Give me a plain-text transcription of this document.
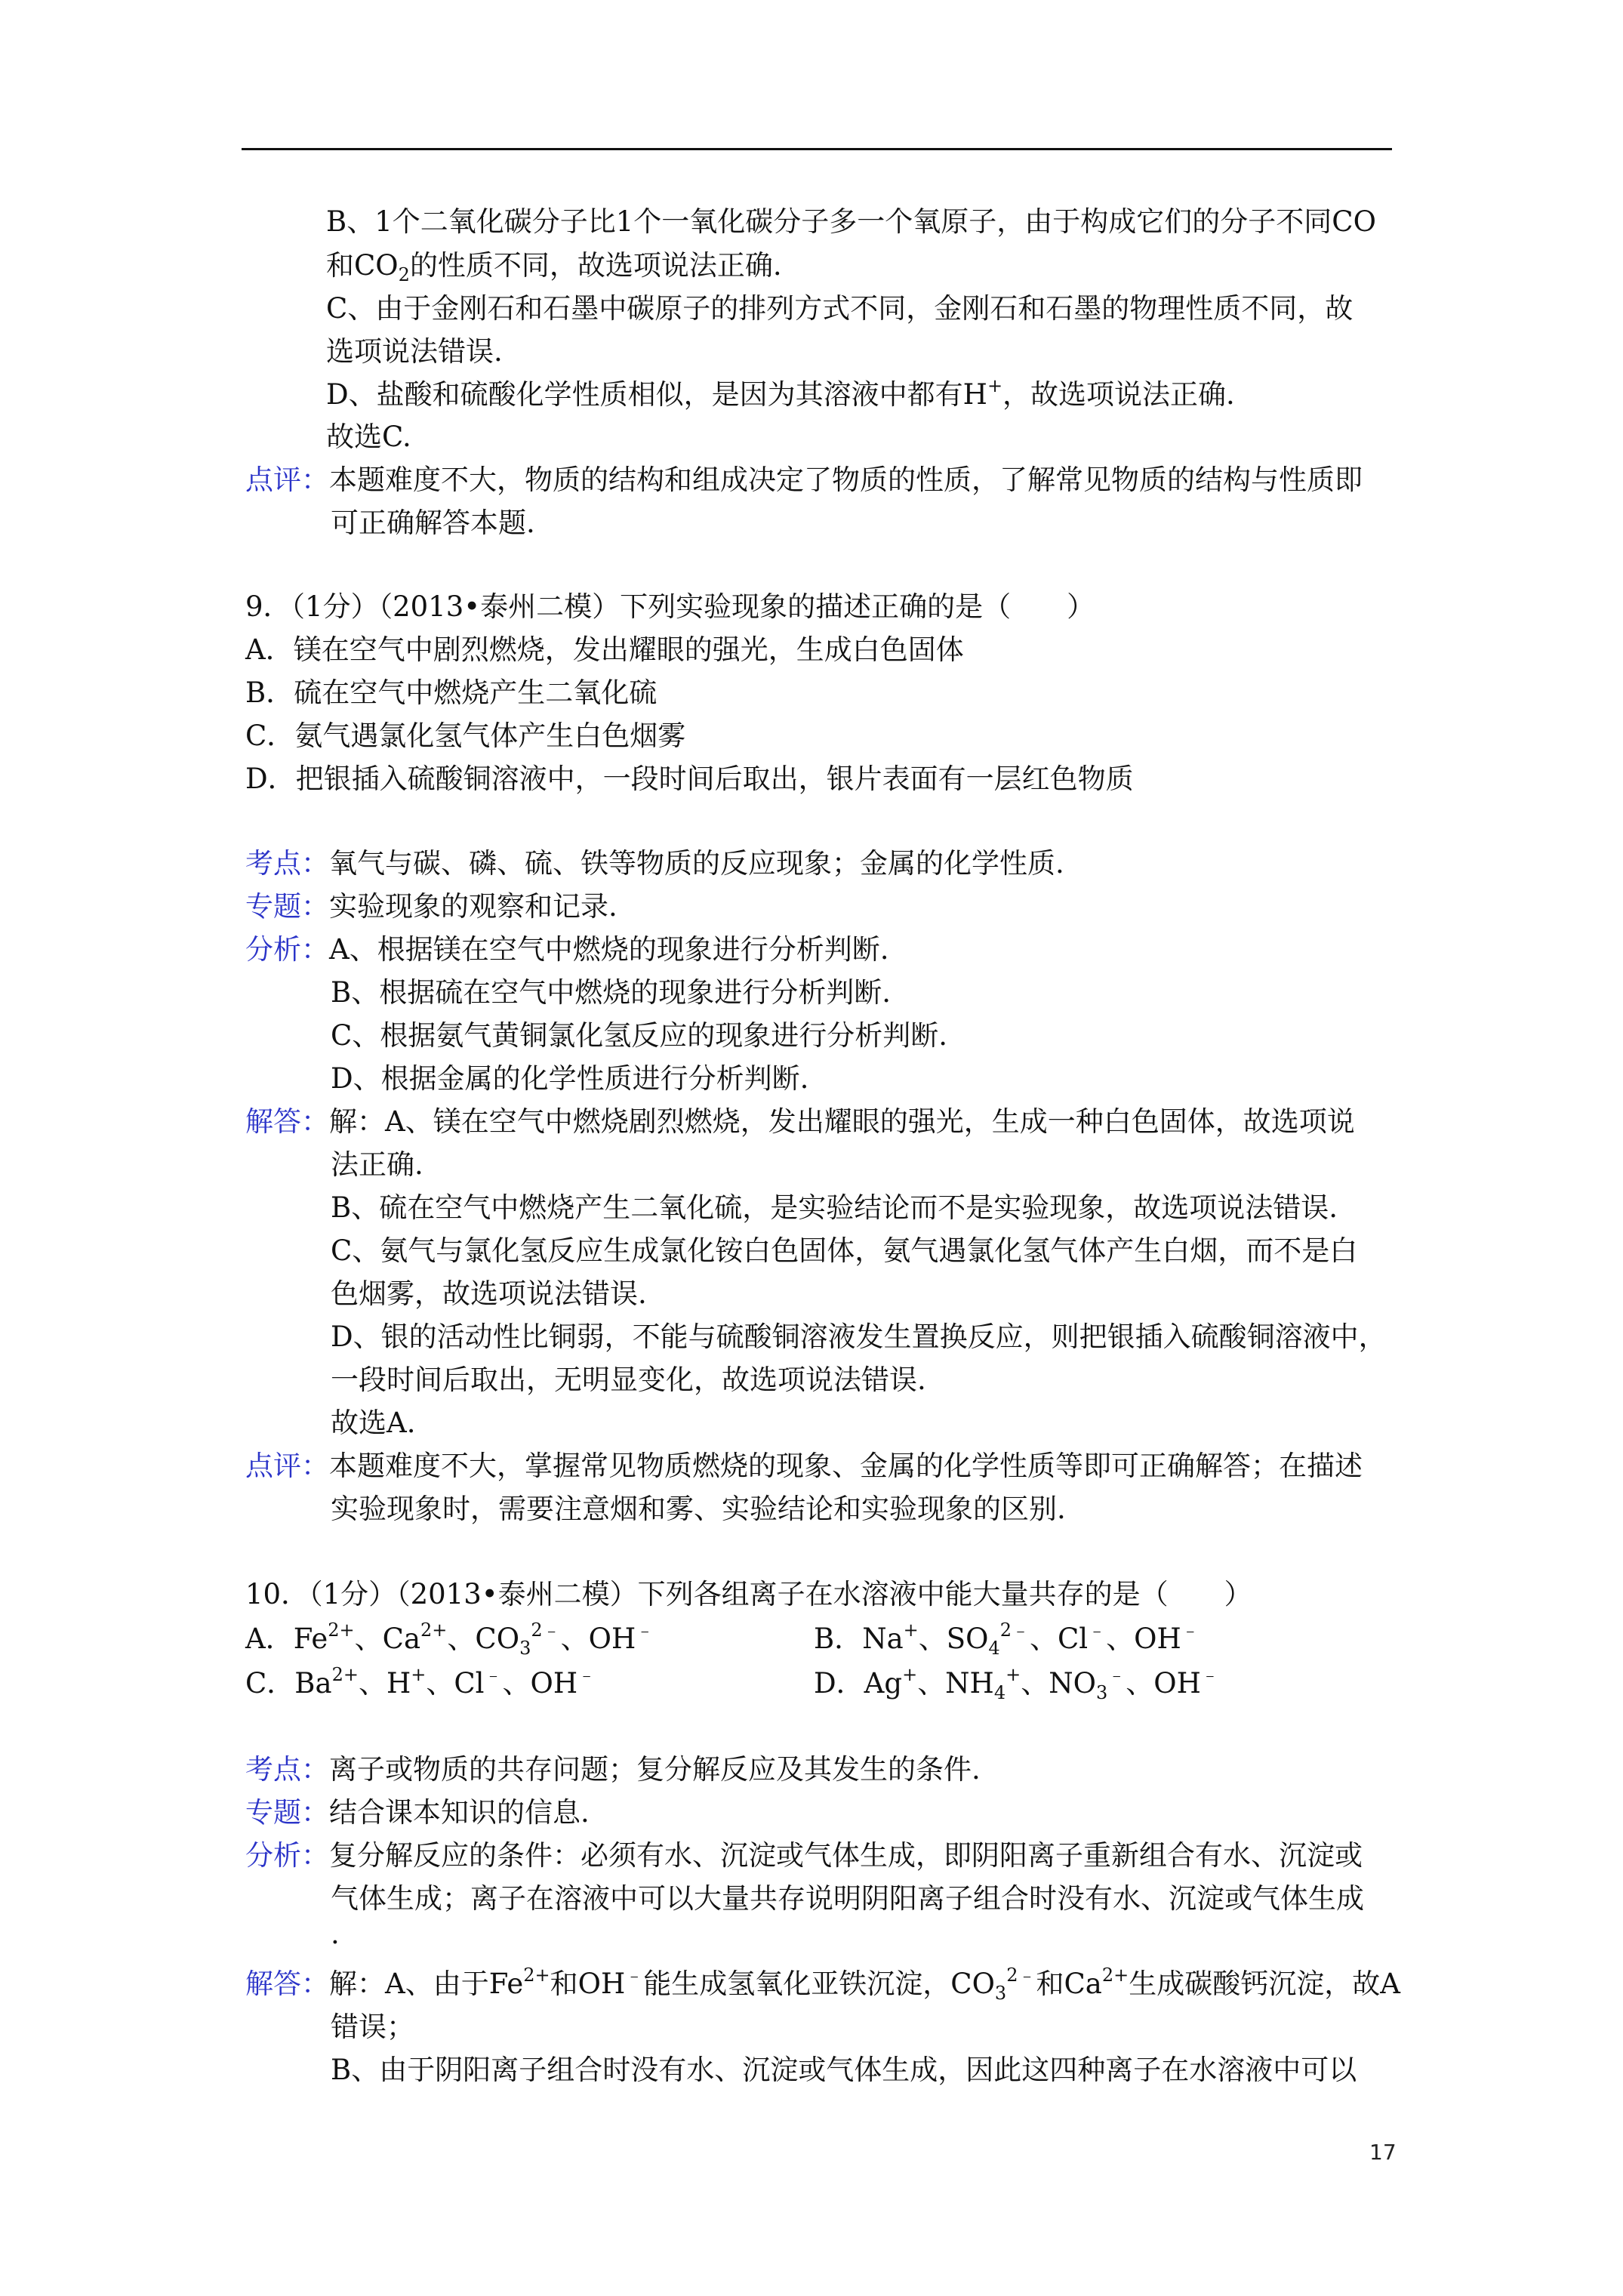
B、1个二氧化碳分子比1个一氧化碳分子多一个氧原子，由于构成它们的分子不同CO
和$CO_2$的性质不同，故选项说法正确.
C、由于金刚石和石墨中碳原子的排列方式不同，金刚石和石墨的物理性质不同，故
选项说法错误.
D、盐酸和硫酸化学性质相似，是因为其溶液中都有H+，故选项说法正确.
故选C.
点评：本题难度不大，物质的结构和组成决定了物质的性质，了解常见物质的结构与性质即
可正确解答本题.
9．（1分）（2013•泰州二模）下列实验现象的描述正确的是（　　）
A．镁在空气中剧烈燃烧，发出耀眼的强光，生成白色固体
B．硫在空气中燃烧产生二氧化硫
C．氨气遇氯化氢气体产生白色烟雾
D．把银插入硫酸铜溶液中，一段时间后取出，银片表面有一层红色物质
考点：氧气与碳、磷、硫、铁等物质的反应现象；金属的化学性质.
专题：实验现象的观察和记录.
分析：A、根据镁在空气中燃烧的现象进行分析判断.
B、根据硫在空气中燃烧的现象进行分析判断.
C、根据氨气黄铜氯化氢反应的现象进行分析判断.
D、根据金属的化学性质进行分析判断.
解答：解：A、镁在空气中燃烧剧烈燃烧，发出耀眼的强光，生成一种白色固体，故选项说
法正确.
B、硫在空气中燃烧产生二氧化硫，是实验结论而不是实验现象，故选项说法错误.
C、氨气与氯化氢反应生成氯化铵白色固体，氨气遇氯化氢气体产生白烟，而不是白
色烟雾，故选项说法错误.
D、银的活动性比铜弱，不能与硫酸铜溶液发生置换反应，则把银插入硫酸铜溶液中，
一段时间后取出，无明显变化，故选项说法错误.
故选A.
点评：本题难度不大，掌握常见物质燃烧的现象、金属的化学性质等即可正确解答；在描述
实验现象时，需要注意烟和雾、实验结论和实验现象的区别.
10．（1分）（2013•泰州二模）下列各组离子在水溶液中能大量共存的是（　　）
A．$Fe^{2+}$、$Ca^{2+}$、$CO_3^{2﹣}$、OH﹣	B．Na+、$SO_4^{2﹣}$、Cl﹣、OH﹣
C．$Ba^{2+}$、H+、Cl﹣、OH﹣	D．Ag+、$NH_4^+$、$NO_3^﹣$、OH﹣
考点：离子或物质的共存问题；复分解反应及其发生的条件.
专题：结合课本知识的信息.
分析：复分解反应的条件：必须有水、沉淀或气体生成，即阴阳离子重新组合有水、沉淀或
气体生成；离子在溶液中可以大量共存说明阴阳离子组合时没有水、沉淀或气体生成
.
解答：解：A、由于$Fe^{2+}$和OH﹣能生成氢氧化亚铁沉淀，$CO_3^{2﹣}$和$Ca^{2+}$生成碳酸钙沉淀，故A
错误；
B、由于阴阳离子组合时没有水、沉淀或气体生成，因此这四种离子在水溶液中可以
17
